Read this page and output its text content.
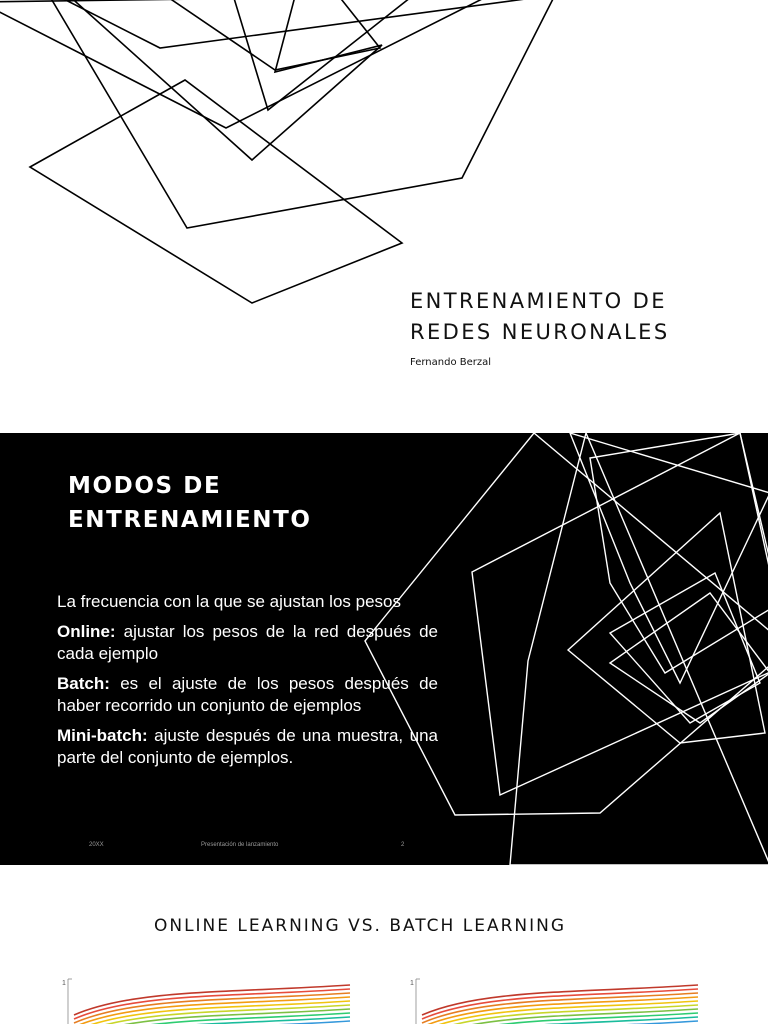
ENTRENAMIENTO DE
REDES NEURONALES
Fernando Berzal
MODOS DE
ENTRENAMIENTO

La frecuencia con la que se ajustan los pesos

Online: ajustar los pesos de la red después de cada ejemplo

Batch: es el ajuste de los pesos después de haber recorrido un conjunto de ejemplos

Mini-batch: ajuste después de una muestra, una parte del conjunto de ejemplos.

20XX	Presentación de lanzamiento	2
ONLINE LEARNING VS. BATCH LEARNING
1	1
